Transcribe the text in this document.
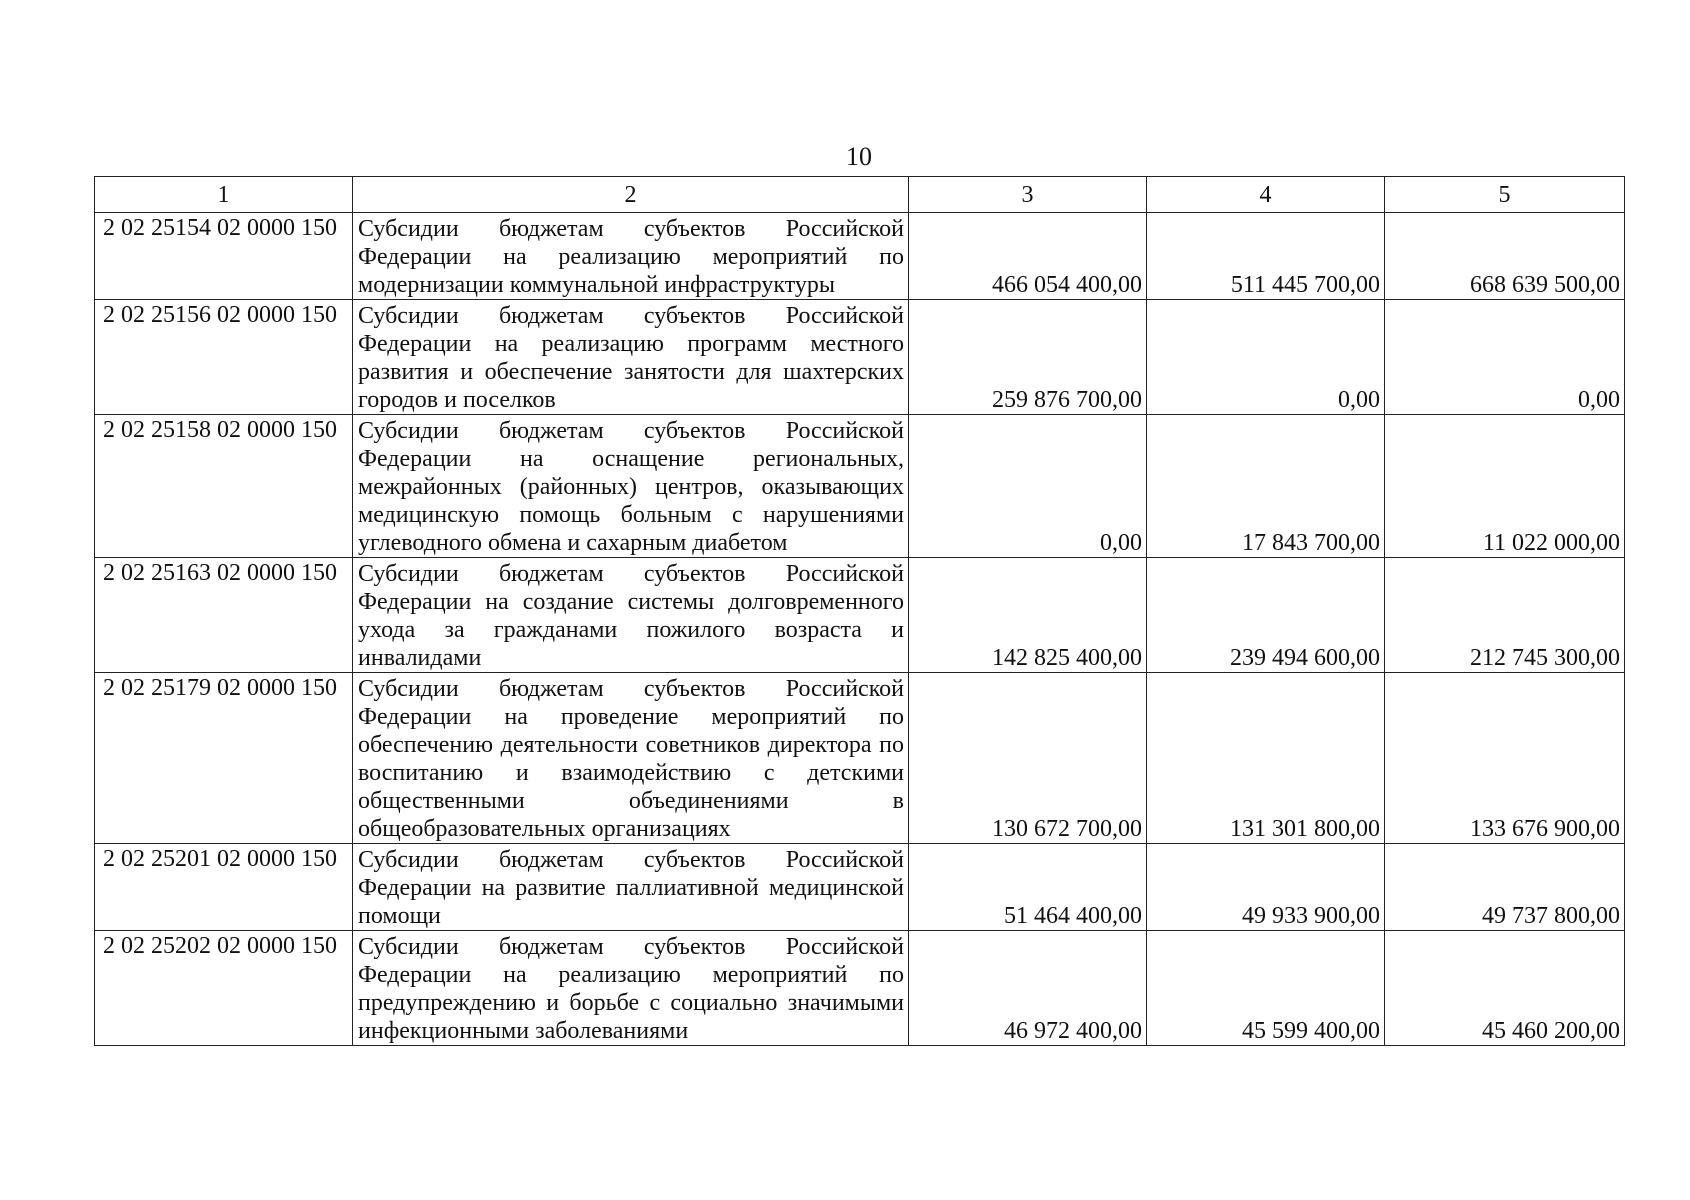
10
1	2	3	4	5
2 02 25154 02 0000 150	Субсидии бюджетам субъектов Российской Федерации на реализацию мероприятий по модернизации коммунальной инфраструктуры	466 054 400,00	511 445 700,00	668 639 500,00
2 02 25156 02 0000 150	Субсидии бюджетам субъектов Российской Федерации на реализацию программ местного развития и обеспечение занятости для шахтерских городов и поселков	259 876 700,00	0,00	0,00
2 02 25158 02 0000 150	Субсидии бюджетам субъектов Российской Федерации на оснащение региональных, межрайонных (районных) центров, оказывающих медицинскую помощь больным с нарушениями углеводного обмена и сахарным диабетом	0,00	17 843 700,00	11 022 000,00
2 02 25163 02 0000 150	Субсидии бюджетам субъектов Российской Федерации на создание системы долговременного ухода за гражданами пожилого возраста и инвалидами	142 825 400,00	239 494 600,00	212 745 300,00
2 02 25179 02 0000 150	Субсидии бюджетам субъектов Российской Федерации на проведение мероприятий по обеспечению деятельности советников директора по воспитанию и взаимодействию с детскими общественными объединениями в общеобразовательных организациях	130 672 700,00	131 301 800,00	133 676 900,00
2 02 25201 02 0000 150	Субсидии бюджетам субъектов Российской Федерации на развитие паллиативной медицинской помощи	51 464 400,00	49 933 900,00	49 737 800,00
2 02 25202 02 0000 150	Субсидии бюджетам субъектов Российской Федерации на реализацию мероприятий по предупреждению и борьбе с социально значимыми инфекционными заболеваниями	46 972 400,00	45 599 400,00	45 460 200,00
